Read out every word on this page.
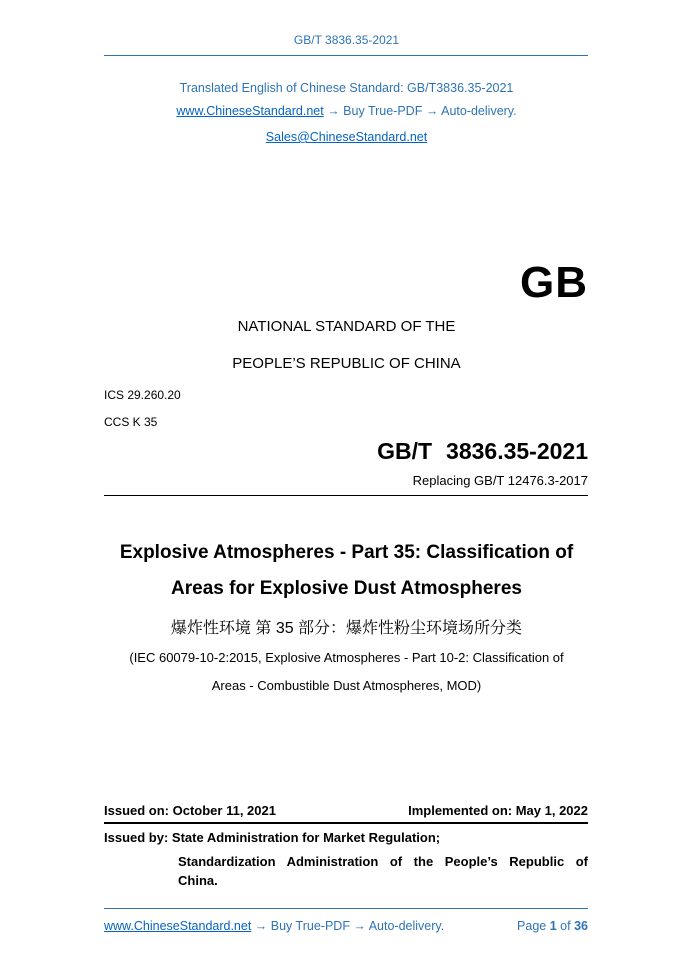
GB/T 3836.35-2021
Translated English of Chinese Standard: GB/T3836.35-2021
www.ChineseStandard.net → Buy True-PDF → Auto-delivery.
Sales@ChineseStandard.net
GB
NATIONAL STANDARD OF THE
PEOPLE’S REPUBLIC OF CHINA
ICS 29.260.20
CCS K 35
GB/T 3836.35-2021
Replacing GB/T 12476.3-2017
Explosive Atmospheres - Part 35: Classification of
Areas for Explosive Dust Atmospheres
爆炸性环境 第 35 部分：爆炸性粉尘环境场所分类
(IEC 60079-10-2:2015, Explosive Atmospheres - Part 10-2: Classification of
Areas - Combustible Dust Atmospheres, MOD)
Issued on: October 11, 2021	Implemented on: May 1, 2022
Issued by: State Administration for Market Regulation;
Standardization Administration of the People’s Republic of
China.
www.ChineseStandard.net → Buy True-PDF → Auto-delivery.	Page 1 of 36
